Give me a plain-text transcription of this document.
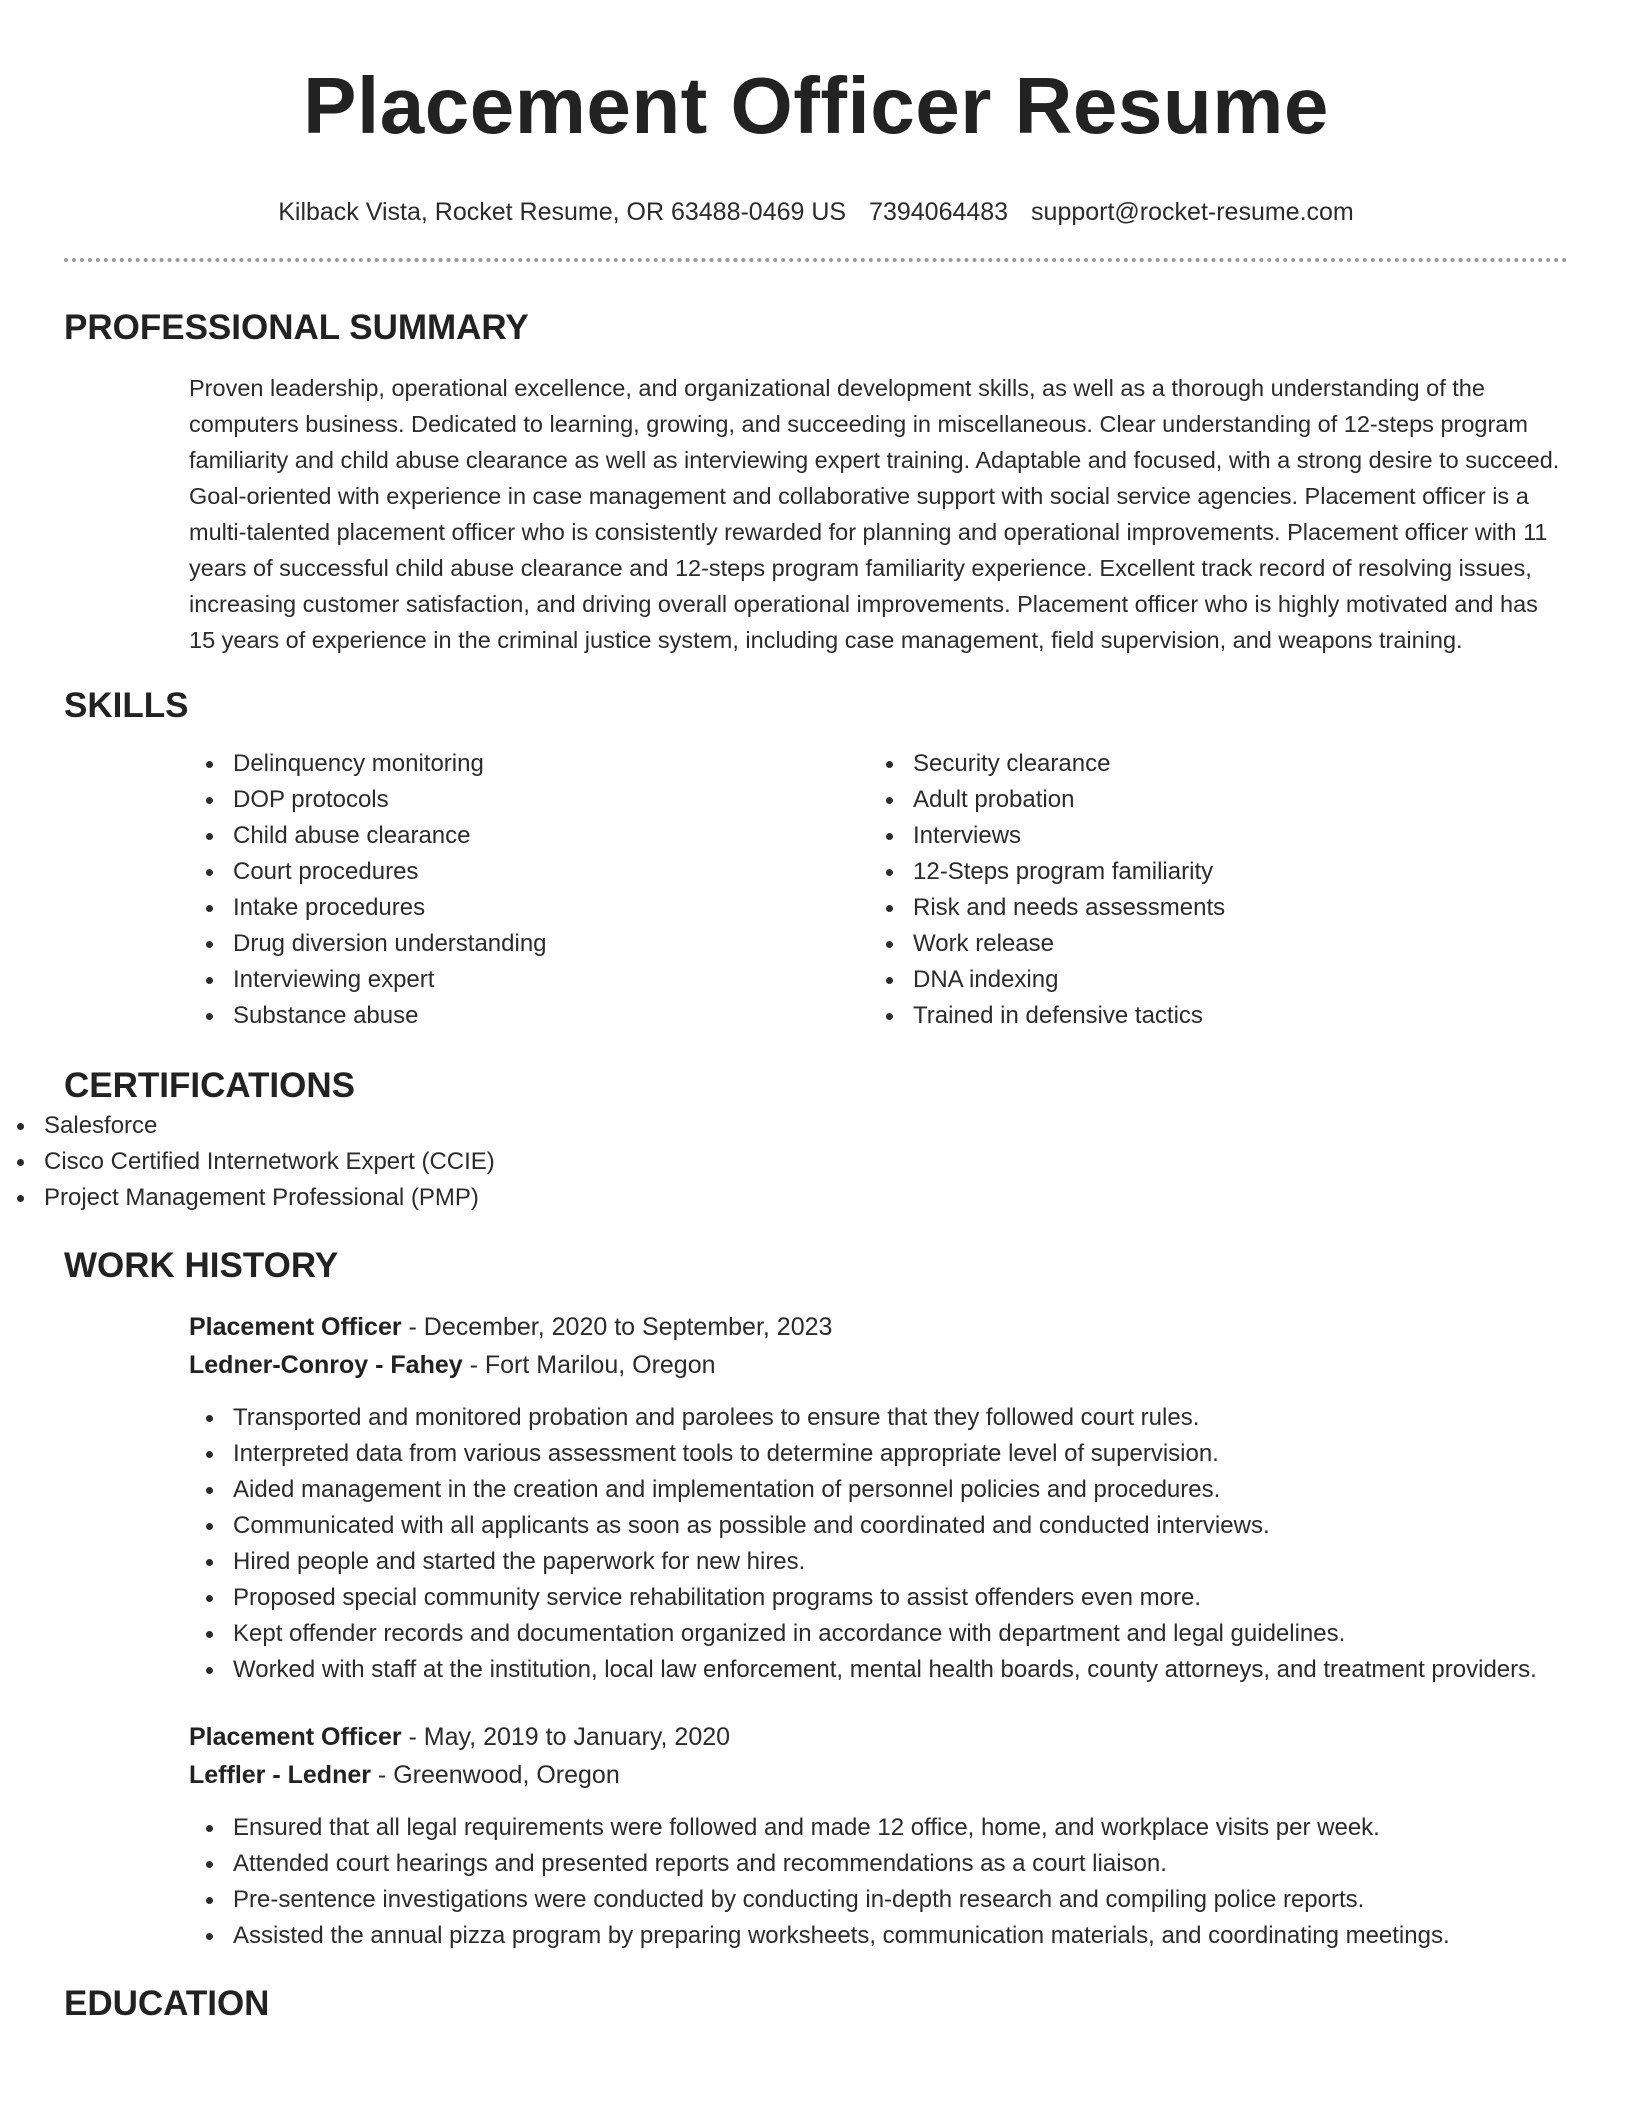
Placement Officer Resume
Kilback Vista, Rocket Resume, OR 63488-0469 US 7394064483 support@rocket-resume.com
PROFESSIONAL SUMMARY

Proven leadership, operational excellence, and organizational development skills, as well as a thorough understanding of the computers business. Dedicated to learning, growing, and succeeding in miscellaneous. Clear understanding of 12-steps program familiarity and child abuse clearance as well as interviewing expert training. Adaptable and focused, with a strong desire to succeed. Goal-oriented with experience in case management and collaborative support with social service agencies. Placement officer is a multi-talented placement officer who is consistently rewarded for planning and operational improvements. Placement officer with 11 years of successful child abuse clearance and 12-steps program familiarity experience. Excellent track record of resolving issues, increasing customer satisfaction, and driving overall operational improvements. Placement officer who is highly motivated and has 15 years of experience in the criminal justice system, including case management, field supervision, and weapons training.

SKILLS
Delinquency monitoring
DOP protocols
Child abuse clearance
Court procedures
Intake procedures
Drug diversion understanding
Interviewing expert
Substance abuse
Security clearance
Adult probation
Interviews
12-Steps program familiarity
Risk and needs assessments
Work release
DNA indexing
Trained in defensive tactics
CERTIFICATIONS
Salesforce
Cisco Certified Internetwork Expert (CCIE)
Project Management Professional (PMP)
WORK HISTORY
Placement Officer - December, 2020 to September, 2023
Ledner-Conroy - Fahey - Fort Marilou, Oregon
Transported and monitored probation and parolees to ensure that they followed court rules.
Interpreted data from various assessment tools to determine appropriate level of supervision.
Aided management in the creation and implementation of personnel policies and procedures.
Communicated with all applicants as soon as possible and coordinated and conducted interviews.
Hired people and started the paperwork for new hires.
Proposed special community service rehabilitation programs to assist offenders even more.
Kept offender records and documentation organized in accordance with department and legal guidelines.
Worked with staff at the institution, local law enforcement, mental health boards, county attorneys, and treatment providers.
Placement Officer - May, 2019 to January, 2020
Leffler - Ledner - Greenwood, Oregon
Ensured that all legal requirements were followed and made 12 office, home, and workplace visits per week.
Attended court hearings and presented reports and recommendations as a court liaison.
Pre-sentence investigations were conducted by conducting in-depth research and compiling police reports.
Assisted the annual pizza program by preparing worksheets, communication materials, and coordinating meetings.
EDUCATION
